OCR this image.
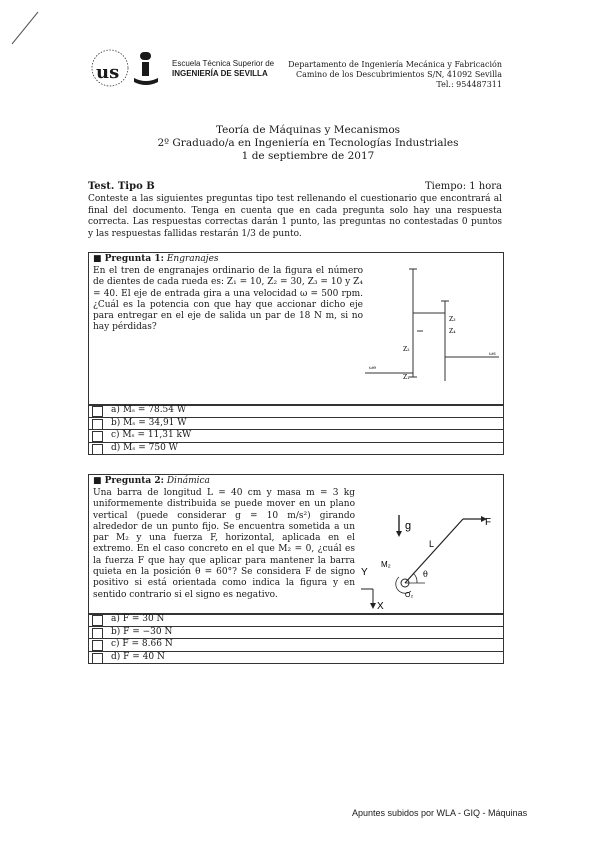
us	Escuela Técnica Superior de
INGENIERÍA DE SEVILLA
Departamento de Ingeniería Mecánica y Fabricación
Camino de los Descubrimientos S/N, 41092 Sevilla
Tel.: 954487311
Teoría de Máquinas y Mecanismos
2º Graduado/a en Ingeniería en Tecnologías Industriales
1 de septiembre de 2017
Test. Tipo B	Tiempo: 1 hora
Conteste a las siguientes preguntas tipo test rellenando el cuestionario que encontrará al final del documento. Tenga en cuenta que en cada pregunta solo hay una respuesta correcta. Las respuestas correctas darán 1 punto, las preguntas no contestadas 0 puntos y las respuestas fallidas restarán 1/3 de punto.
■ Pregunta 1: Engranajes
En el tren de engranajes ordinario de la figura el número de dientes de cada rueda es: Z₁ = 10, Z₂ = 30, Z₃ = 10 y Z₄ = 40. El eje de entrada gira a una velocidad ω = 500 rpm. ¿Cuál es la potencia con que hay que accionar dicho eje para entregar en el eje de salida un par de 18 N m, si no hay pérdidas?
Z₃
Z₄
Z₂
Z₁
ωe
ωs
a) Mₛ = 78.54 W
b) Mₛ = 34,91 W
c) Mₛ = 11,31 kW
d) Mₛ = 750 W
■ Pregunta 2: Dinámica
Una barra de longitud L = 40 cm y masa m = 3 kg uniformemente distribuida se puede mover en un plano vertical (puede considerar g = 10 m/s²) girando alrededor de un punto fijo. Se encuentra sometida a un par M₂ y una fuerza F, horizontal, aplicada en el extremo. En el caso concreto en el que M₂ = 0, ¿cuál es la fuerza F que hay que aplicar para mantener la barra quieta en la posición θ = 60°? Se considera F de signo positivo si está orientada como indica la figura y en sentido contrario si el signo es negativo.
g	F
L
M₂
Y	θ
O₂
X
a) F = 30 N
b) F = −30 N
c) F = 8.66 N
d) F = 40 N
Apuntes subidos por WLA - GIQ - Máquinas
